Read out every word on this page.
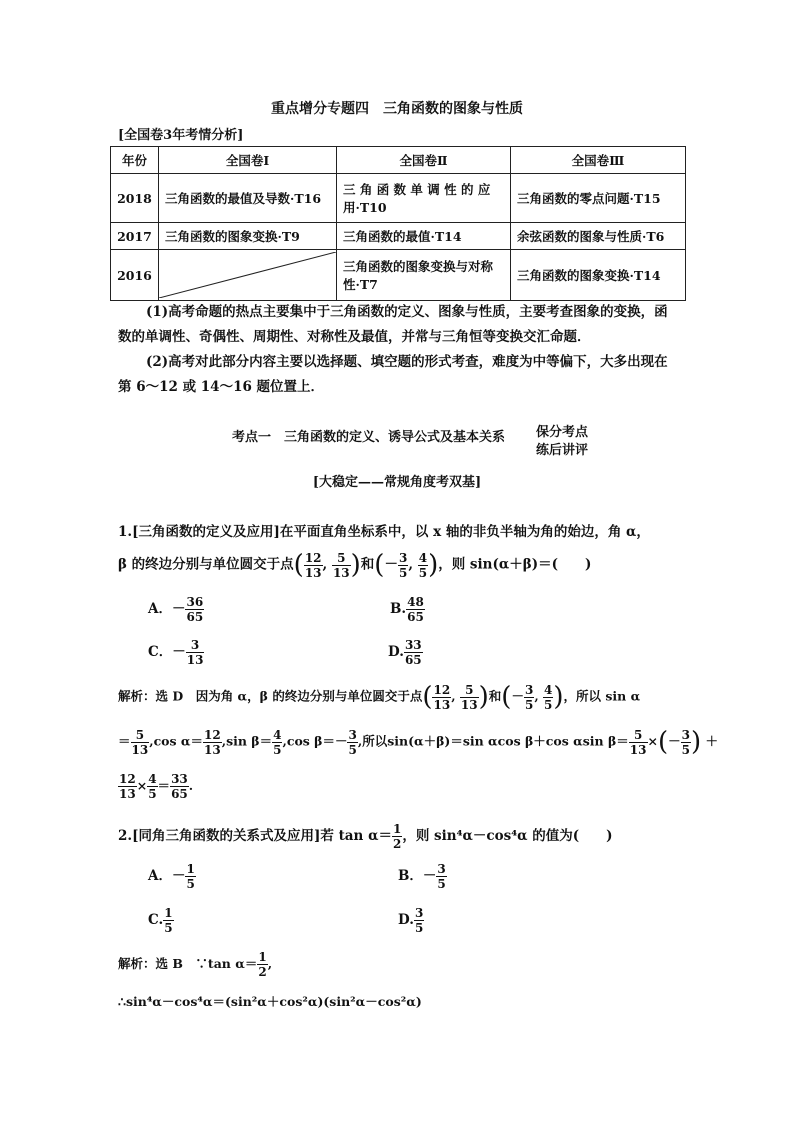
重点增分专题四　三角函数的图象与性质
[全国卷3年考情分析]
年份	全国卷Ⅰ	全国卷Ⅱ	全国卷Ⅲ
2018	三角函数的最值及导数·T16	三 角 函 数 单 调 性 的 应 用·T10	三角函数的零点问题·T15
2017	三角函数的图象变换·T9	三角函数的最值·T14	余弦函数的图象与性质·T6
2016		三角函数的图象变换与对称性·T7	三角函数的图象变换·T14
(1)高考命题的热点主要集中于三角函数的定义、图象与性质，主要考查图象的变换，函数的单调性、奇偶性、周期性、对称性及最值，并常与三角恒等变换交汇命题．
(2)高考对此部分内容主要以选择题、填空题的形式考查，难度为中等偏下，大多出现在第 6～12 或 14～16 题位置上．
考点一　三角函数的定义、诱导公式及基本关系 保分考点
练后讲评
[大稳定——常规角度考双基]
1.[三角函数的定义及应用]在平面直角坐标系中，以 x 轴的非负半轴为角的始边，角 α，
β 的终边分别与单位圆交于点( $\frac{12}{13}$ , $\frac{5}{13}$ )和(－ $\frac{3}{5}$ , $\frac{4}{5}$ )，则 sin(α＋β)＝(　　)
A．－ $\frac{36}{65}$	B. $\frac{48}{65}$
C．－ $\frac{3}{13}$	D. $\frac{33}{65}$
解析：选 D　因为角 α，β 的终边分别与单位圆交于点( $\frac{12}{13}$ , $\frac{5}{13}$ )和(－ $\frac{3}{5}$ , $\frac{4}{5}$ )，所以 sin α
＝ $\frac{5}{13} ,\cos$ $\alpha= \frac{12}{13} ,\sin$ $\beta= \frac{4}{5} ,\cos$ $\beta=- \frac{3}{5}$ ,所以sin(α＋β)＝sin αcos β＋cos αsin $\beta= \frac{5}{13}$ ×(－ $\frac{3}{5}$ ) ＋
$\frac{12}{13} \times \frac{4}{5} = \frac{33}{65}$ .
2.[同角三角函数的关系式及应用]若 $\tan \alpha= \frac{1}{2}$ ，则 sin⁴α－cos⁴α 的值为(　　)
A．－ $\frac{1}{5}$	B．－ $\frac{3}{5}$
C. $\frac{1}{5}$	D. $\frac{3}{5}$
解析：选 B　∵tan $\alpha= \frac{1}{2}$ ,
∴sin⁴α－cos⁴α＝(sin²α＋cos²α)(sin²α－cos²α)
